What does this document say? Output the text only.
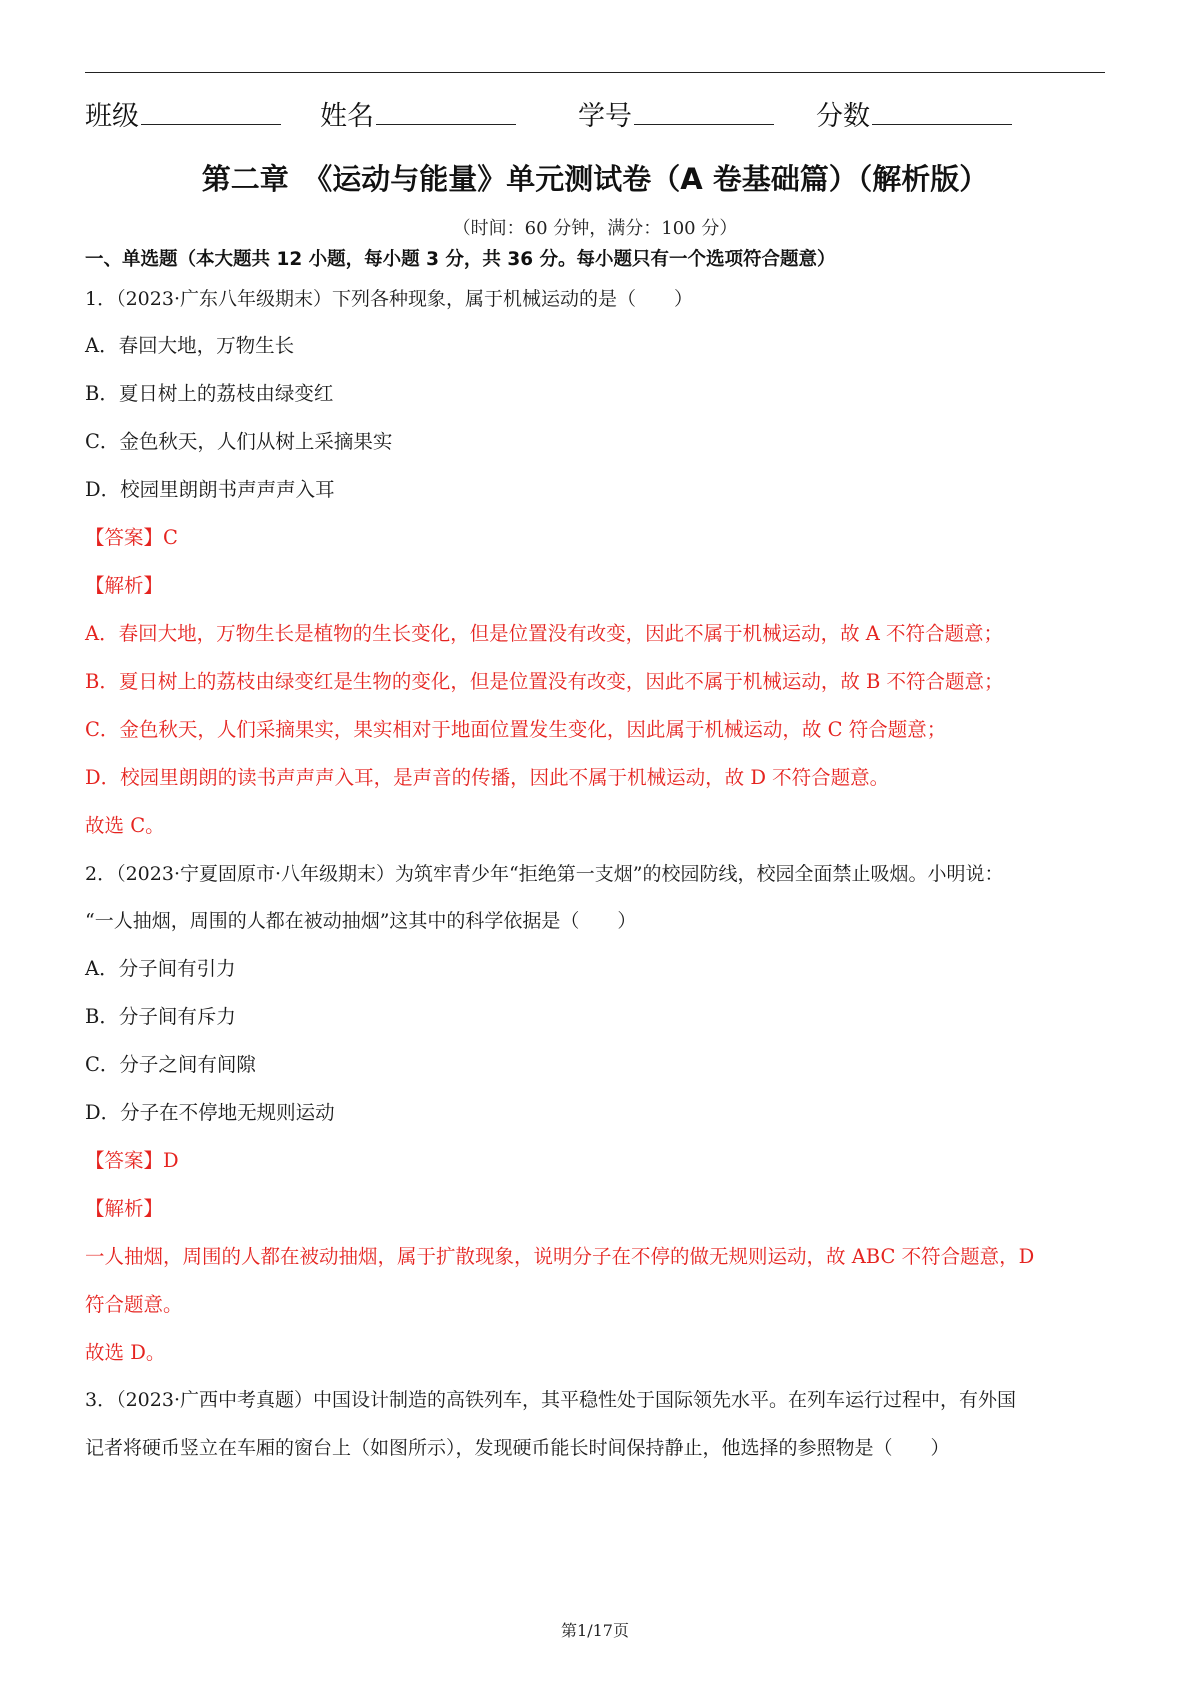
班级	姓名	学号	分数
第二章　《运动与能量》单元测试卷（A 卷基础篇）（解析版）
（时间：60 分钟，满分：100 分）
一、单选题（本大题共 12 小题，每小题 3 分，共 36 分。每小题只有一个选项符合题意）
1．（2023·广东八年级期末）下列各种现象，属于机械运动的是（　　）
A．春回大地，万物生长
B．夏日树上的荔枝由绿变红
C．金色秋天，人们从树上采摘果实
D．校园里朗朗书声声声入耳
【答案】C
【解析】
A．春回大地，万物生长是植物的生长变化，但是位置没有改变，因此不属于机械运动，故 A 不符合题意；
B．夏日树上的荔枝由绿变红是生物的变化，但是位置没有改变，因此不属于机械运动，故 B 不符合题意；
C．金色秋天，人们采摘果实，果实相对于地面位置发生变化，因此属于机械运动，故 C 符合题意；
D．校园里朗朗的读书声声声入耳，是声音的传播，因此不属于机械运动，故 D 不符合题意。
故选 C。
2．（2023·宁夏固原市·八年级期末）为筑牢青少年“拒绝第一支烟”的校园防线，校园全面禁止吸烟。小明说：
“一人抽烟，周围的人都在被动抽烟”这其中的科学依据是（　　）
A．分子间有引力
B．分子间有斥力
C．分子之间有间隙
D．分子在不停地无规则运动
【答案】D
【解析】
一人抽烟，周围的人都在被动抽烟，属于扩散现象，说明分子在不停的做无规则运动，故 ABC 不符合题意，D
符合题意。
故选 D。
3．（2023·广西中考真题）中国设计制造的高铁列车，其平稳性处于国际领先水平。在列车运行过程中，有外国
记者将硬币竖立在车厢的窗台上（如图所示），发现硬币能长时间保持静止，他选择的参照物是（　　）
第1/17页
